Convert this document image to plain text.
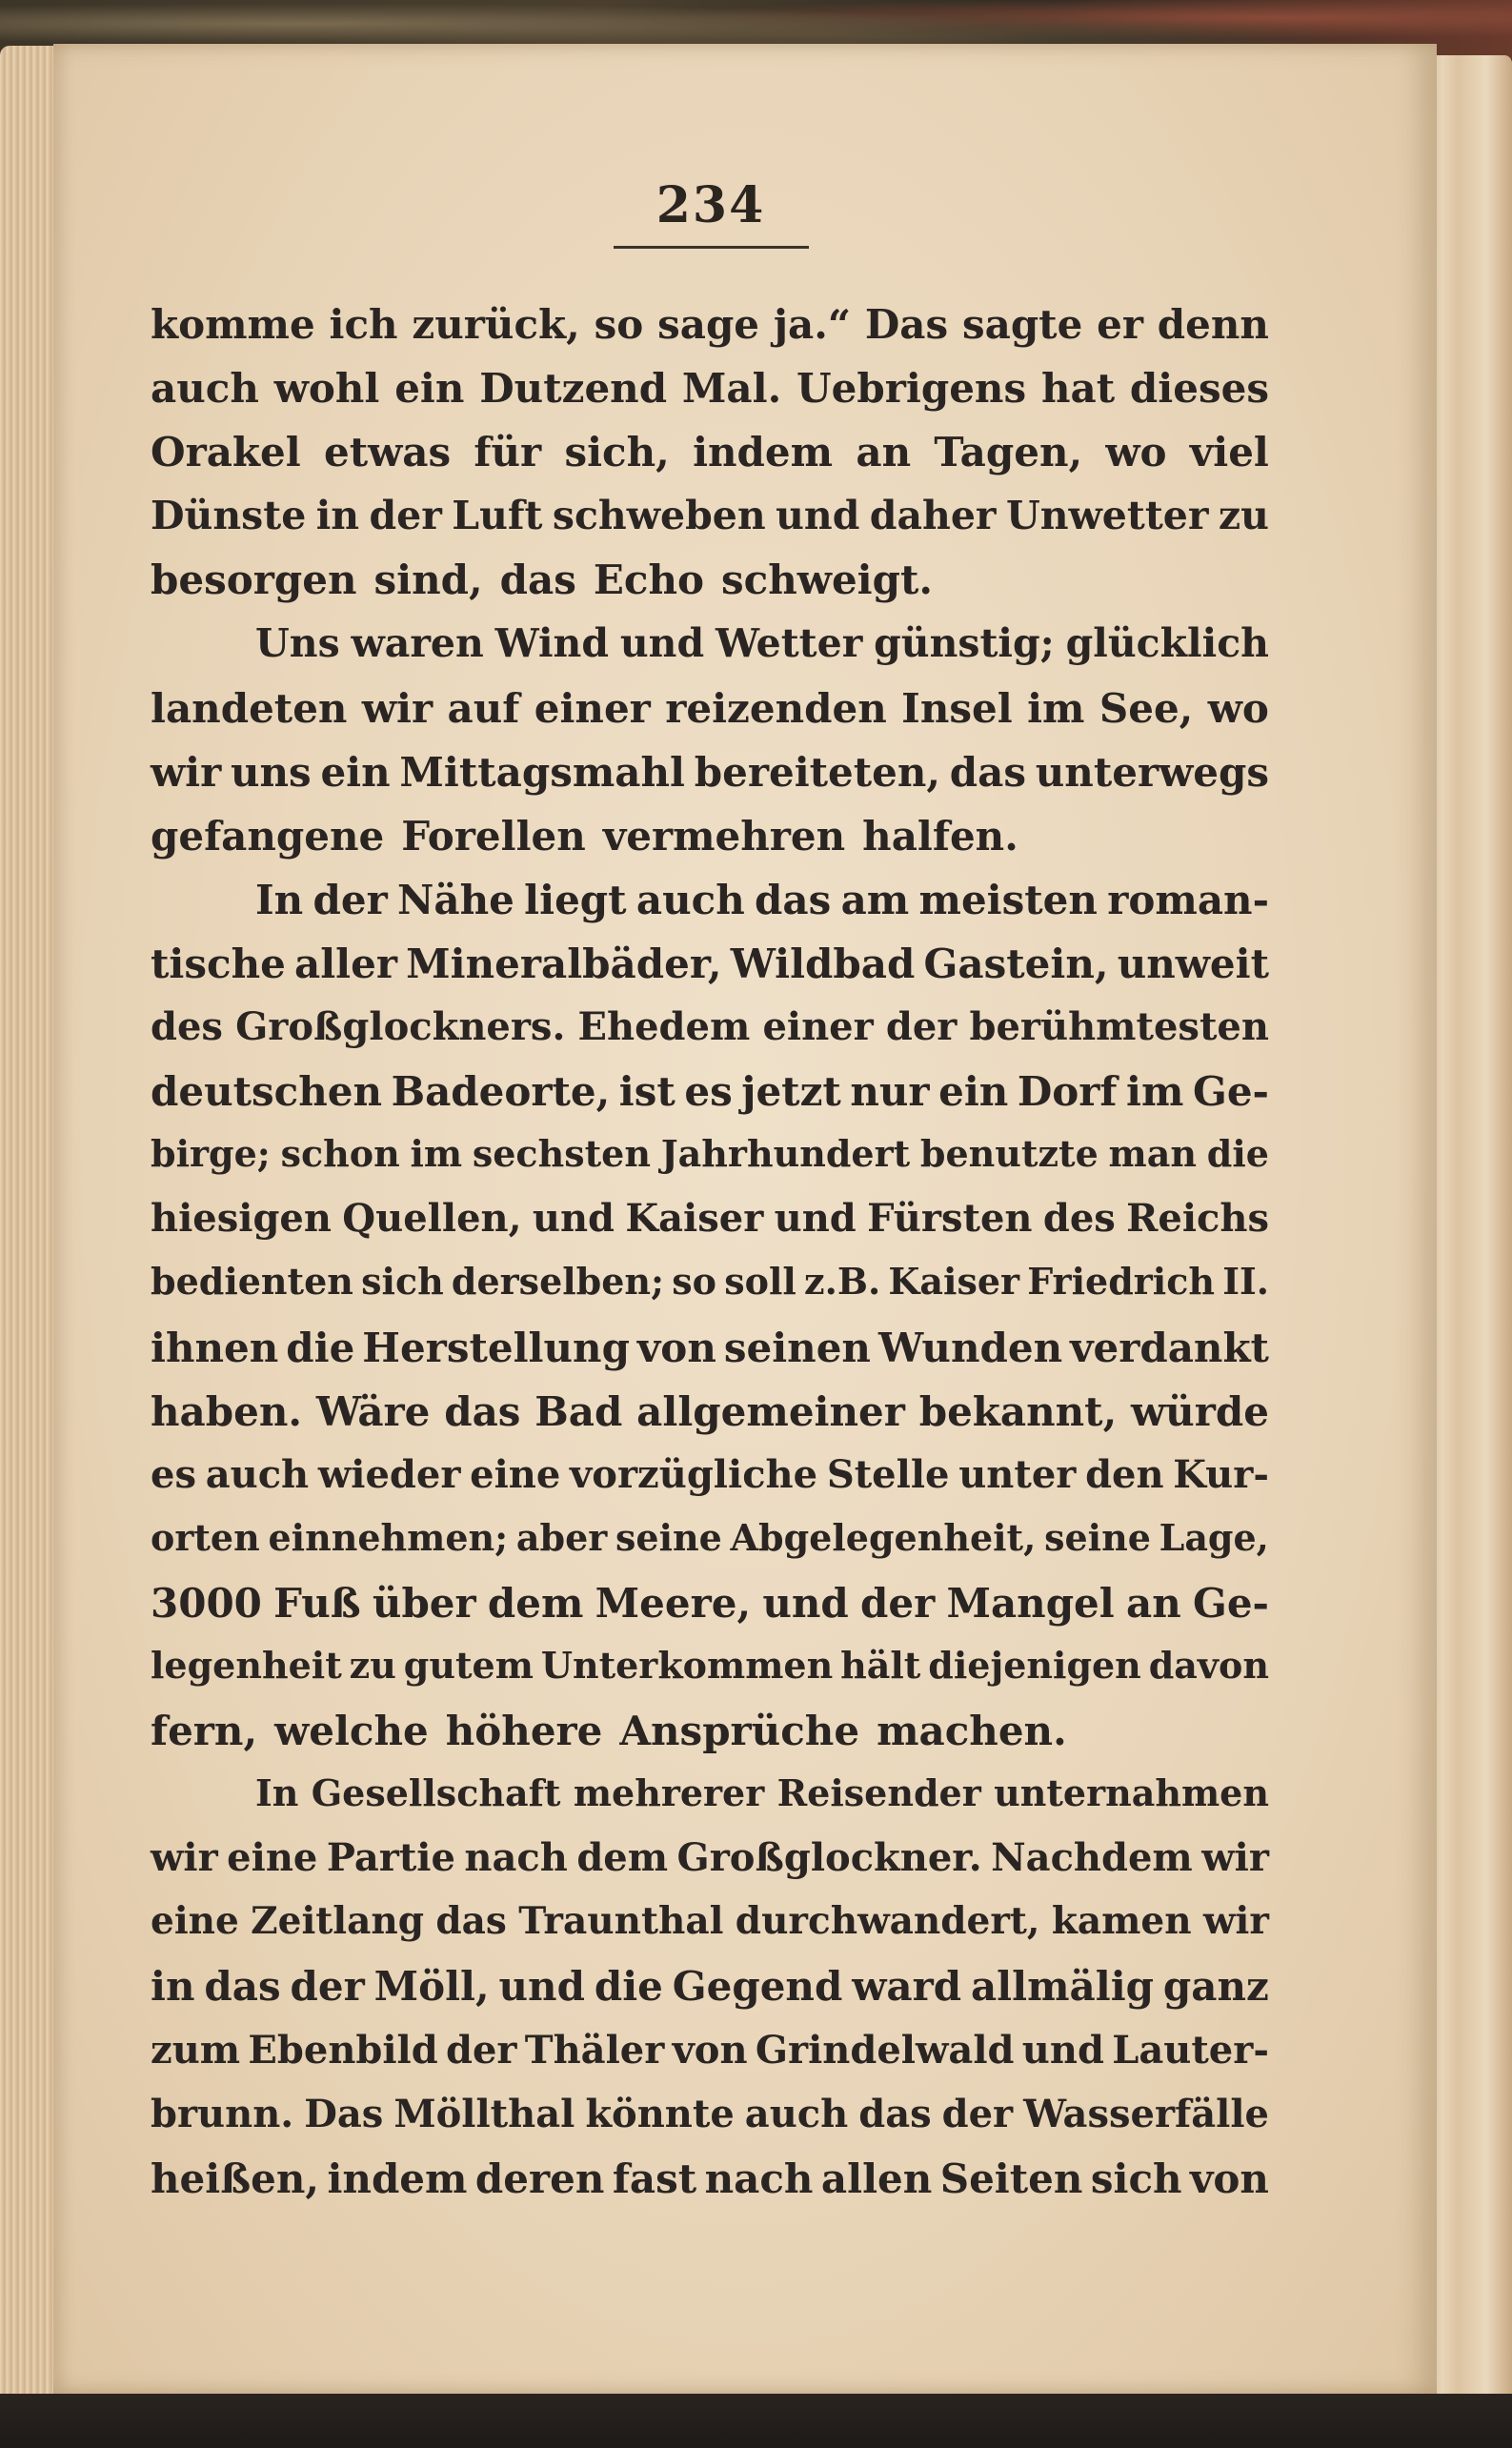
234
komme ich zurück, so sage ja.“ Das sagte er denn
auch wohl ein Dutzend Mal. Uebrigens hat dieses
Orakel etwas für sich, indem an Tagen, wo viel
Dünste in der Luft schweben und daher Unwetter zu
besorgen sind, das Echo schweigt.
Uns waren Wind und Wetter günstig; glücklich
landeten wir auf einer reizenden Insel im See, wo
wir uns ein Mittagsmahl bereiteten, das unterwegs
gefangene Forellen vermehren halfen.
In der Nähe liegt auch das am meisten roman-
tische aller Mineralbäder, Wildbad Gastein, unweit
des Großglockners. Ehedem einer der berühmtesten
deutschen Badeorte, ist es jetzt nur ein Dorf im Ge-
birge; schon im sechsten Jahrhundert benutzte man die
hiesigen Quellen, und Kaiser und Fürsten des Reichs
bedienten sich derselben; so soll z.B. Kaiser Friedrich II.
ihnen die Herstellung von seinen Wunden verdankt
haben. Wäre das Bad allgemeiner bekannt, würde
es auch wieder eine vorzügliche Stelle unter den Kur-
orten einnehmen; aber seine Abgelegenheit, seine Lage,
3000 Fuß über dem Meere, und der Mangel an Ge-
legenheit zu gutem Unterkommen hält diejenigen davon
fern, welche höhere Ansprüche machen.
In Gesellschaft mehrerer Reisender unternahmen
wir eine Partie nach dem Großglockner. Nachdem wir
eine Zeitlang das Traunthal durchwandert, kamen wir
in das der Möll, und die Gegend ward allmälig ganz
zum Ebenbild der Thäler von Grindelwald und Lauter-
brunn. Das Möllthal könnte auch das der Wasserfälle
heißen, indem deren fast nach allen Seiten sich von
